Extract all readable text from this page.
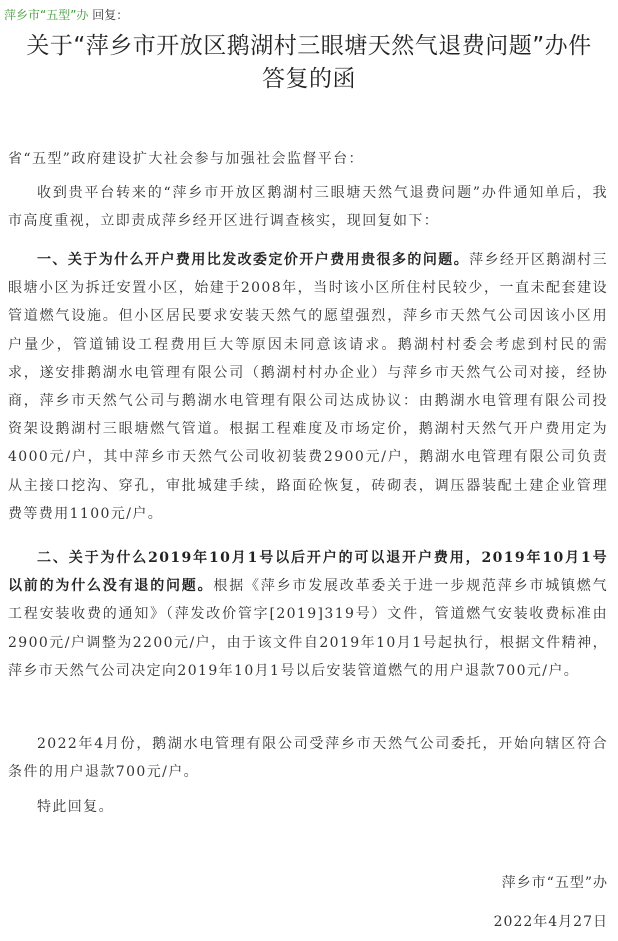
萍乡市“五型”办 回复：
关于“萍乡市开放区鹅湖村三眼塘天然气退费问题”办件
答复的函
省“五型”政府建设扩大社会参与加强社会监督平台：
收到贵平台转来的“萍乡市开放区鹅湖村三眼塘天然气退费问题”办件通知单后，我市高度重视，立即责成萍乡经开区进行调查核实，现回复如下：
一、关于为什么开户费用比发改委定价开户费用贵很多的问题。萍乡经开区鹅湖村三眼塘小区为拆迁安置小区，始建于2008年，当时该小区所住村民较少，一直未配套建设管道燃气设施。但小区居民要求安装天然气的愿望强烈，萍乡市天然气公司因该小区用户量少，管道铺设工程费用巨大等原因未同意该请求。鹅湖村村委会考虑到村民的需求，遂安排鹅湖水电管理有限公司（鹅湖村村办企业）与萍乡市天然气公司对接，经协商，萍乡市天然气公司与鹅湖水电管理有限公司达成协议：由鹅湖水电管理有限公司投资架设鹅湖村三眼塘燃气管道。根据工程难度及市场定价，鹅湖村天然气开户费用定为4000元/户，其中萍乡市天然气公司收初装费2900元/户，鹅湖水电管理有限公司负责从主接口挖沟、穿孔，审批城建手续，路面砼恢复，砖砌表，调压器装配土建企业管理费等费用1100元/户。
二、关于为什么2019年10月1号以后开户的可以退开户费用，2019年10月1号以前的为什么没有退的问题。根据《萍乡市发展改革委关于进一步规范萍乡市城镇燃气工程安装收费的通知》（萍发改价管字[2019]319号）文件，管道燃气安装收费标准由2900元/户调整为2200元/户，由于该文件自2019年10月1号起执行，根据文件精神，萍乡市天然气公司决定向2019年10月1号以后安装管道燃气的用户退款700元/户。
2022年4月份，鹅湖水电管理有限公司受萍乡市天然气公司委托，开始向辖区符合条件的用户退款700元/户。
特此回复。
萍乡市“五型”办
2022年4月27日
